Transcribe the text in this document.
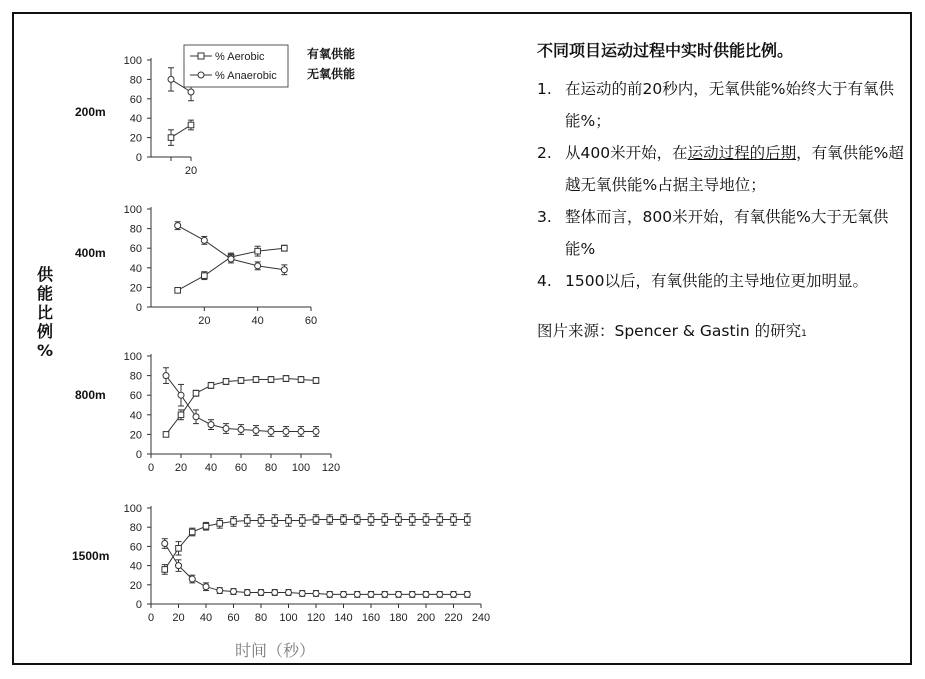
0
20
40
60
80
100
20
200m
0
20
40
60
80
100
20	40	60
400m
0
20
40
60
80
100
0 20 40 60 80 100 120
800m
0
20
40
60
80
100
0 20 40 60 80 100 120 140 160 180 200 220 240
1500m
% Aerobic
% Anaerobic
有氧供能
无氧供能
供
能
比
例
%
时间（秒）

不同项目运动过程中实时供能比例。

1. 在运动的前20秒内，无氧供能%始终大于有氧供能%；
2. 从400米开始，在运动过程的后期，有氧供能%超越无氧供能%占据主导地位；
3. 整体而言，800米开始，有氧供能%大于无氧供能%
4. 1500以后，有氧供能的主导地位更加明显。
图片来源：Spencer & Gastin 的研究1
